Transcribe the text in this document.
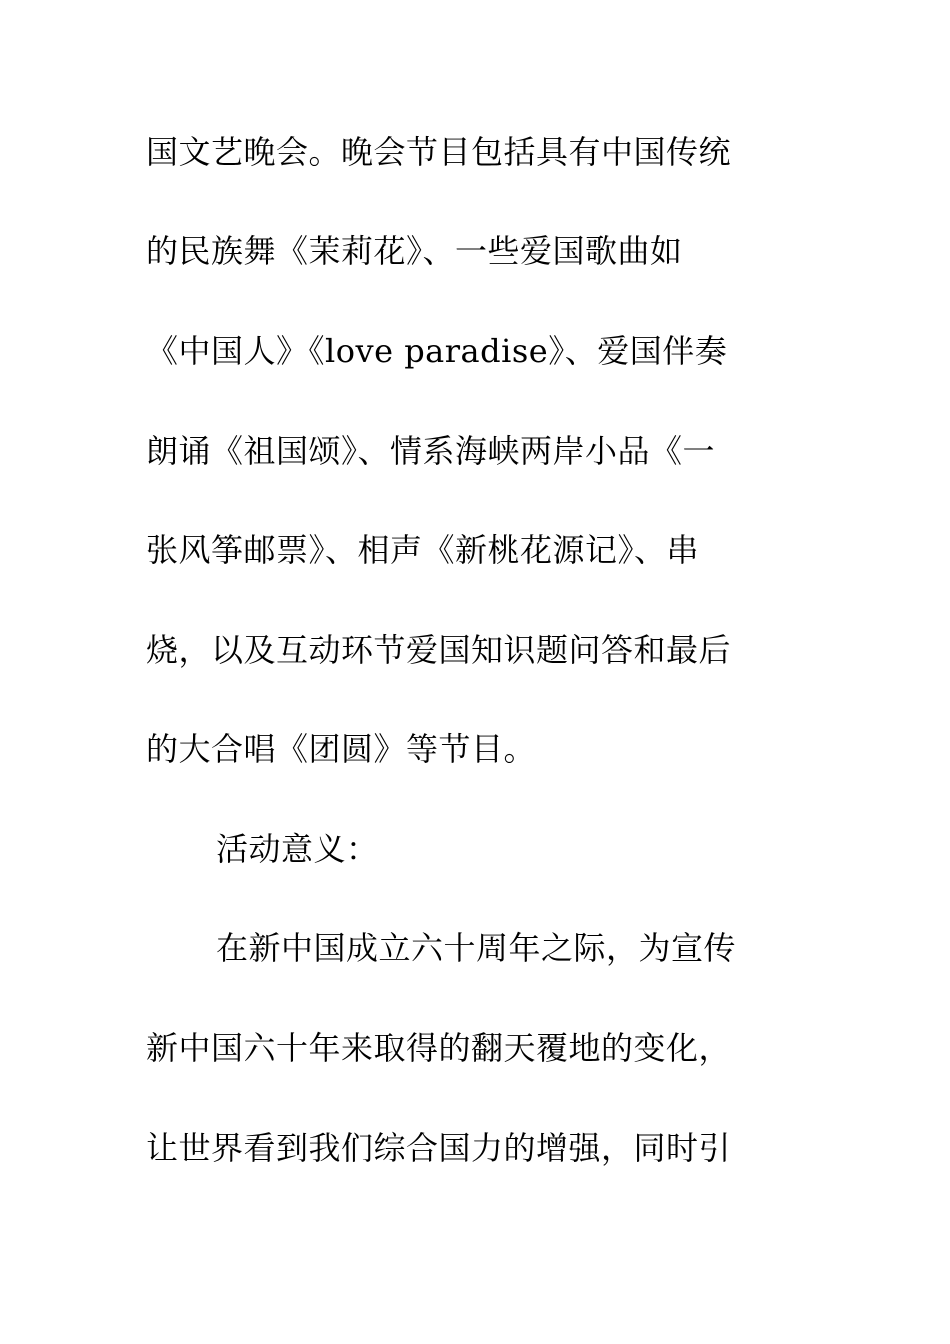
国文艺晚会。晚会节目包括具有中国传统
的民族舞《茉莉花》、一些爱国歌曲如
《中国人》《love paradise》、爱国伴奏
朗诵《祖国颂》、情系海峡两岸小品《一
张风筝邮票》、相声《新桃花源记》、串
烧，以及互动环节爱国知识题问答和最后
的大合唱《团圆》等节目。
活动意义：
在新中国成立六十周年之际，为宣传
新中国六十年来取得的翻天覆地的变化，
让世界看到我们综合国力的增强，同时引
